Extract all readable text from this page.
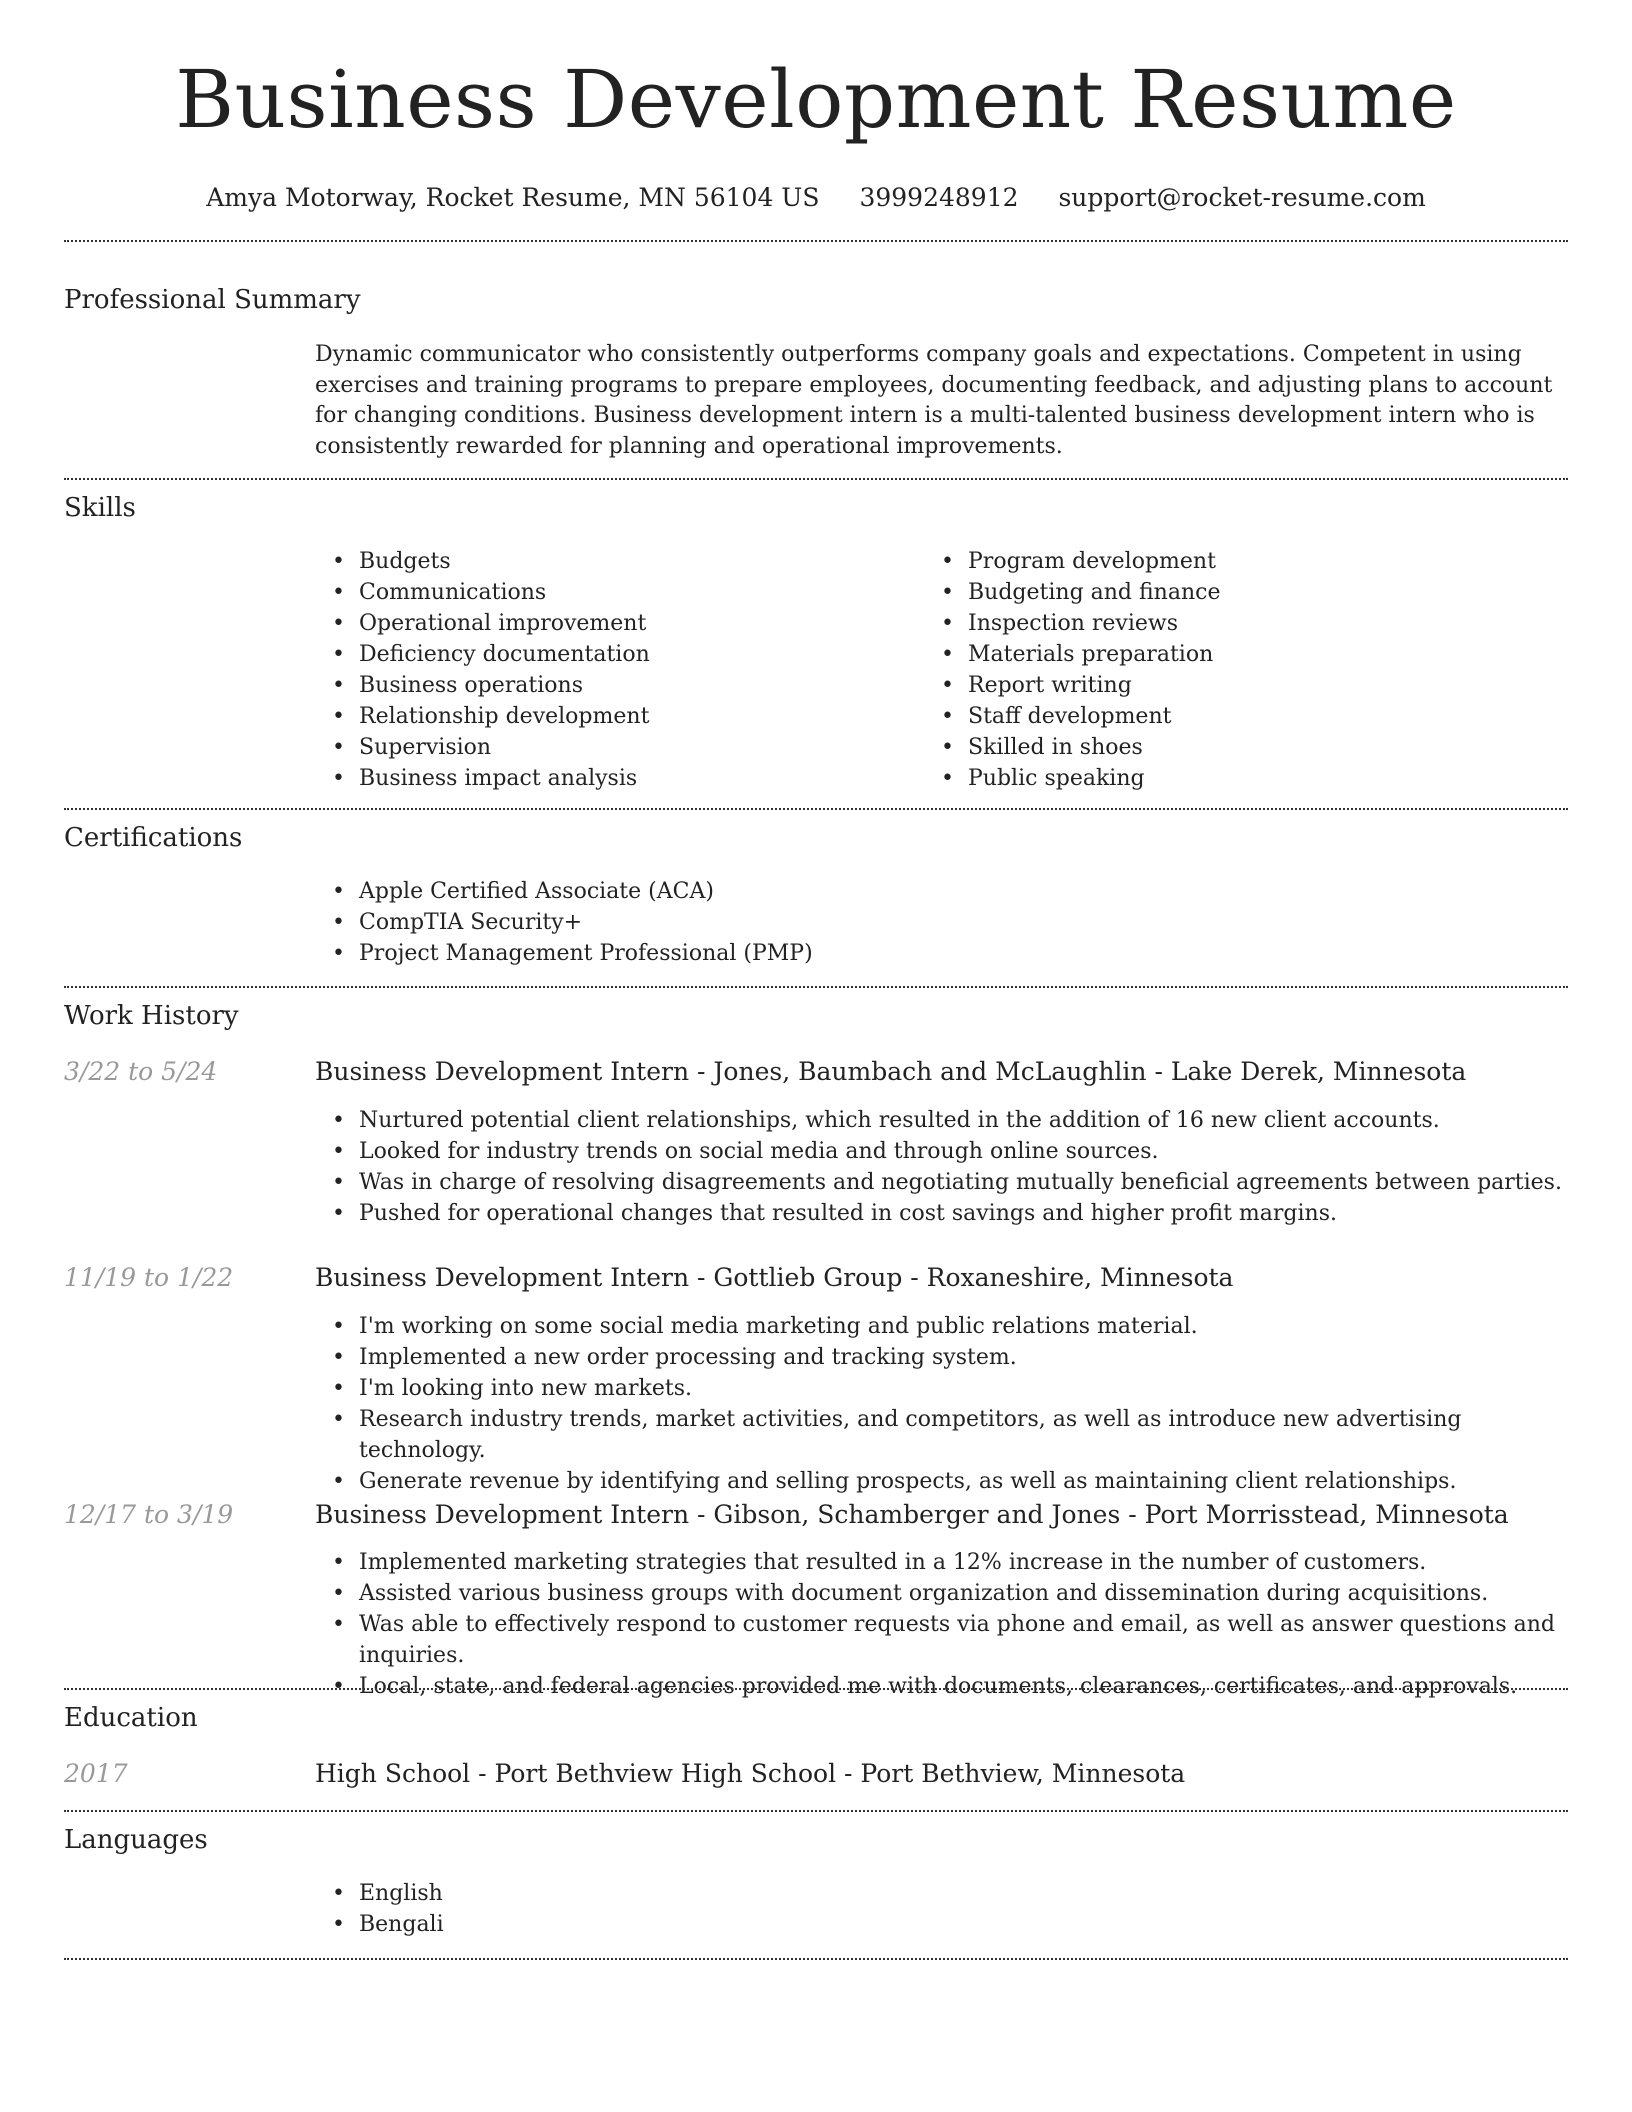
Business Development Resume
Amya Motorway, Rocket Resume, MN 56104 US 3999248912 support@rocket-resume.com
Professional Summary

Dynamic communicator who consistently outperforms company goals and expectations. Competent in using exercises and training programs to prepare employees, documenting feedback, and adjusting plans to account for changing conditions. Business development intern is a multi-talented business development intern who is consistently rewarded for planning and operational improvements.

Skills
• Budgets
• Communications
• Operational improvement
• Deficiency documentation
• Business operations
• Relationship development
• Supervision
• Business impact analysis
• Program development
• Budgeting and finance
• Inspection reviews
• Materials preparation
• Report writing
• Staff development
• Skilled in shoes
• Public speaking
Certifications
• Apple Certified Associate (ACA)
• CompTIA Security+
• Project Management Professional (PMP)
Work History
3/22 to 5/24	Business Development Intern - Jones, Baumbach and McLaughlin - Lake Derek, Minnesota
• Nurtured potential client relationships, which resulted in the addition of 16 new client accounts.
• Looked for industry trends on social media and through online sources.
• Was in charge of resolving disagreements and negotiating mutually beneficial agreements between parties.
• Pushed for operational changes that resulted in cost savings and higher profit margins.
11/19 to 1/22	Business Development Intern - Gottlieb Group - Roxaneshire, Minnesota
• I'm working on some social media marketing and public relations material.
• Implemented a new order processing and tracking system.
• I'm looking into new markets.
• Research industry trends, market activities, and competitors, as well as introduce new advertising technology.
• Generate revenue by identifying and selling prospects, as well as maintaining client relationships.
12/17 to 3/19	Business Development Intern - Gibson, Schamberger and Jones - Port Morrisstead, Minnesota
• Implemented marketing strategies that resulted in a 12% increase in the number of customers.
• Assisted various business groups with document organization and dissemination during acquisitions.
• Was able to effectively respond to customer requests via phone and email, as well as answer questions and inquiries.
• Local, state, and federal agencies provided me with documents, clearances, certificates, and approvals.
Education
2017	High School - Port Bethview High School - Port Bethview, Minnesota
Languages
• English
• Bengali
